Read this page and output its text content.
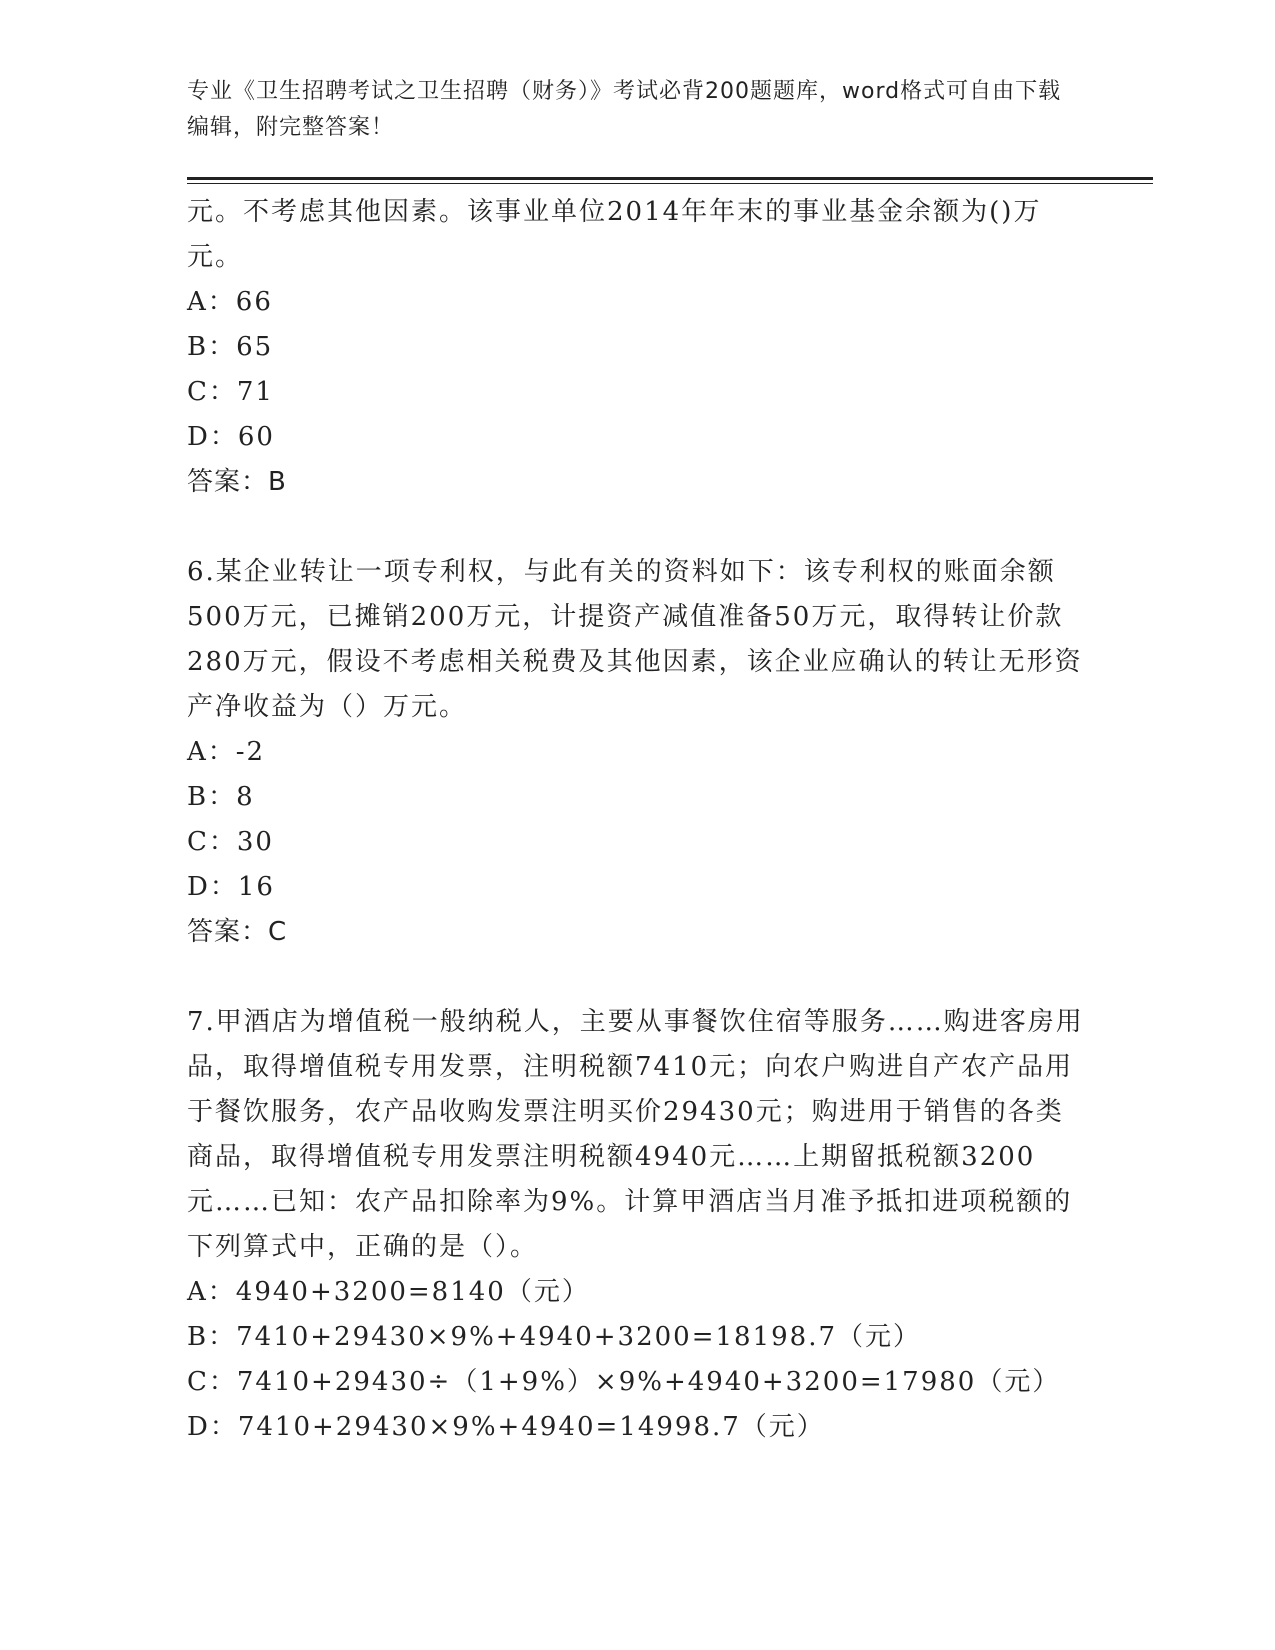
专业《卫生招聘考试之卫生招聘（财务）》考试必背200题题库，word格式可自由下载编辑，附完整答案！

元。不考虑其他因素。该事业单位2014年年末的事业基金余额为()万元。

A：66

B：65

C：71

D：60

答案：B

6.某企业转让一项专利权，与此有关的资料如下：该专利权的账面余额500万元，已摊销200万元，计提资产减值准备50万元，取得转让价款280万元，假设不考虑相关税费及其他因素，该企业应确认的转让无形资产净收益为（）万元。

A：-2

B：8

C：30

D：16

答案：C

7.甲酒店为增值税一般纳税人，主要从事餐饮住宿等服务……购进客房用品，取得增值税专用发票，注明税额7410元；向农户购进自产农产品用于餐饮服务，农产品收购发票注明买价29430元；购进用于销售的各类商品，取得增值税专用发票注明税额4940元……上期留抵税额3200元……已知：农产品扣除率为9%。计算甲酒店当月准予抵扣进项税额的下列算式中，正确的是（）。

A：4940+3200=8140（元）

B：7410+29430×9%+4940+3200=18198.7（元）

C：7410+29430÷（1+9%）×9%+4940+3200=17980（元）

D：7410+29430×9%+4940=14998.7（元）
